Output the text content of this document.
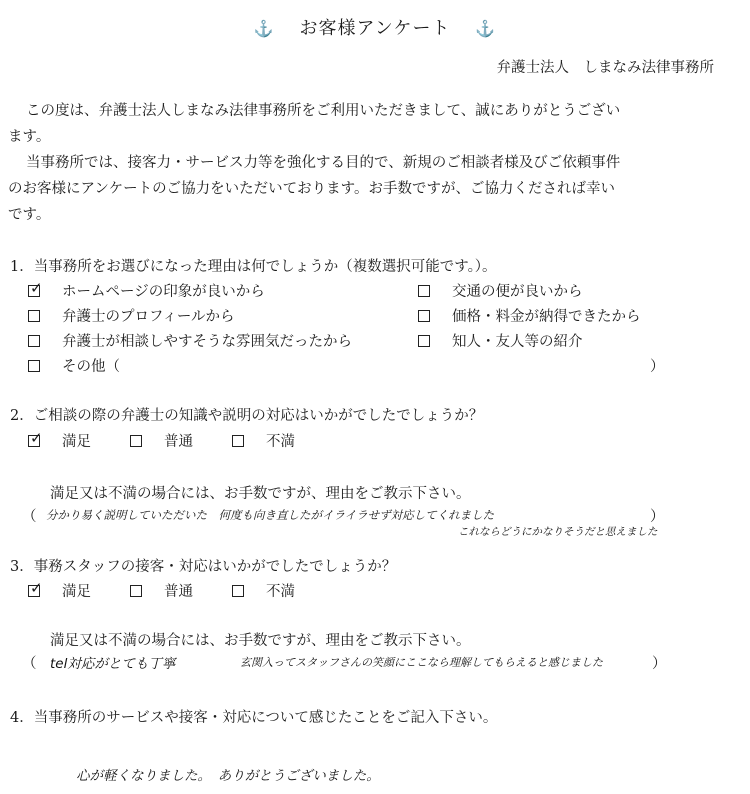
⚓ お客様アンケート ⚓
弁護士法人　しまなみ法律事務所
この度は、弁護士法人しまなみ法律事務所をご利用いただきまして、誠にありがとうござい
ます。
当事務所では、接客力・サービス力等を強化する目的で、新規のご相談者様及びご依頼事件
のお客様にアンケートのご協力をいただいております。お手数ですが、ご協力くだされば幸い
です。
1．当事務所をお選びになった理由は何でしょうか（複数選択可能です。）。
✓
ホームページの印象が良いから	交通の便が良いから
弁護士のプロフィールから	価格・料金が納得できたから
弁護士が相談しやすそうな雰囲気だったから	知人・友人等の紹介
その他（	）
2．ご相談の際の弁護士の知識や説明の対応はいかがでしたでしょうか？
✓
満足	普通	不満
満足又は不満の場合には、お手数ですが、理由をご教示下さい。
（ 分かり易く説明していただいた　何度も向き直したがイライラせず対応してくれました	）
これならどうにかなりそうだと思えました
3．事務スタッフの接客・対応はいかがでしたでしょうか？
✓
満足	普通	不満
満足又は不満の場合には、お手数ですが、理由をご教示下さい。
（ tel対応がとても丁寧	玄関入ってスタッフさんの笑顔にここなら理解してもらえると感じました	）
4．当事務所のサービスや接客・対応について感じたことをご記入下さい。
心が軽くなりました。　ありがとうございました。
